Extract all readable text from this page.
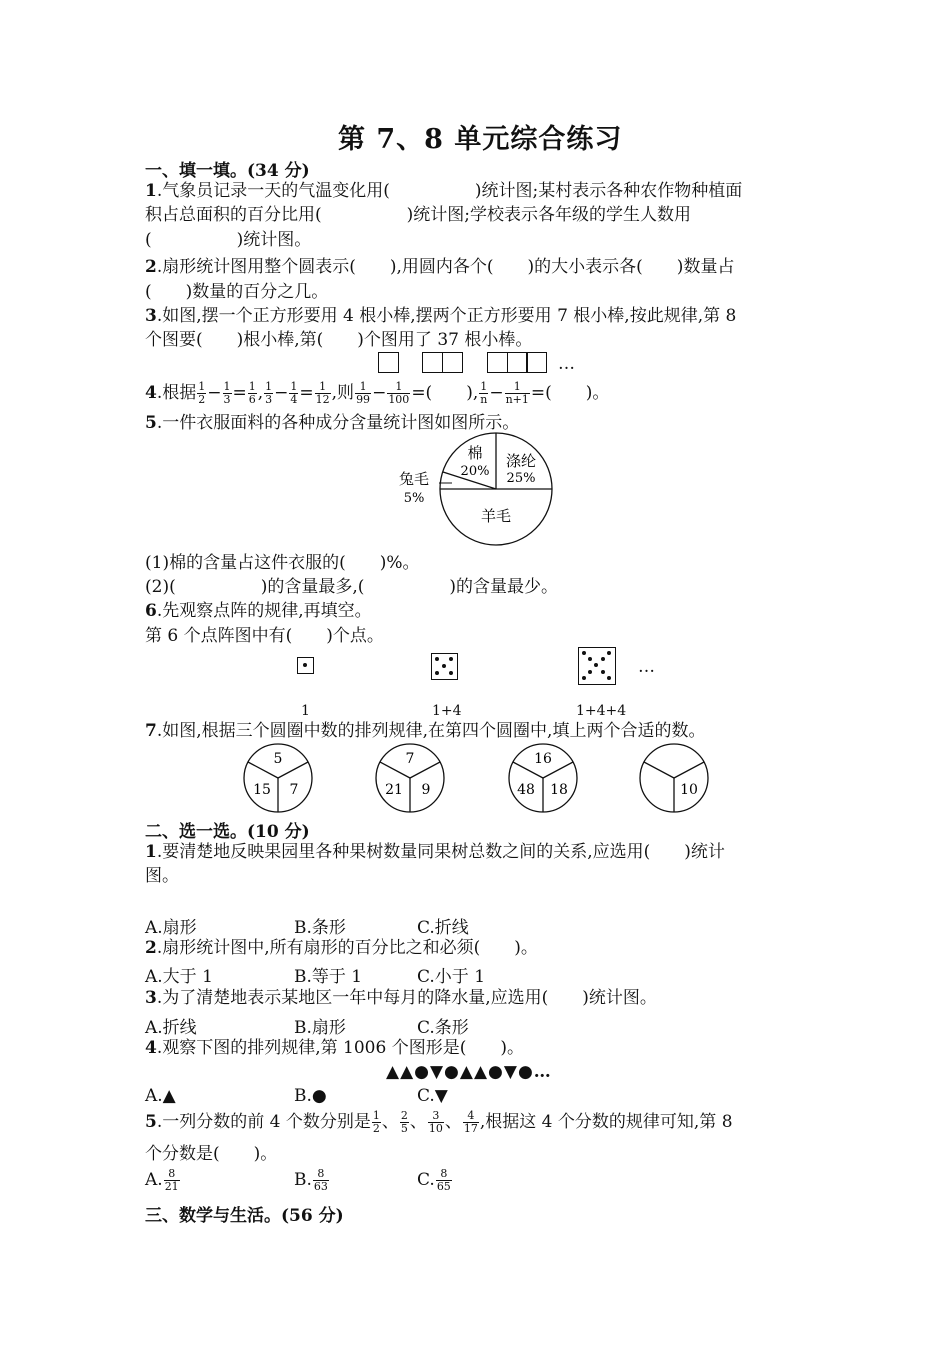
第 7、8 单元综合练习
一、填一填。(34 分)
1.气象员记录一天的气温变化用(　　　　　)统计图;某村表示各种农作物种植面
积占总面积的百分比用(　　　　　)统计图;学校表示各年级的学生人数用
(　　　　　)统计图。
2.扇形统计图用整个圆表示(　　),用圆内各个(　　)的大小表示各(　　)数量占
(　　)数量的百分之几。
3.如图,摆一个正方形要用 4 根小棒,摆两个正方形要用 7 根小棒,按此规律,第 8
个图要(　　)根小棒,第(　　)个图用了 37 根小棒。
…
4.根据 $\frac{1}{2} - \frac{1}{3} = \frac{1}{6}$ , $\frac{1}{3} - \frac{1}{4} = \frac{1}{12}$ ,则 $\frac{1}{99} - \frac{1}{100}$ =(　　), $\frac{1}{n} - \frac{1}{n+1}$ =(　　)。
5.一件衣服面料的各种成分含量统计图如图所示。
棉
20%
涤纶
25%
羊毛
兔毛
5%
(1)棉的含量占这件衣服的(　　)%。
(2)(　　　　　)的含量最多,(　　　　　)的含量最少。
6.先观察点阵的规律,再填空。
第 6 个点阵图中有(　　)个点。
…
1	1+4	1+4+4
7.如图,根据三个圆圈中数的排列规律,在第四个圆圈中,填上两个合适的数。
5
15 7
7
21 9
16
48 18	10
二、选一选。(10 分)
1.要清楚地反映果园里各种果树数量同果树总数之间的关系,应选用(　　)统计
图。
A.扇形	B.条形	C.折线
2.扇形统计图中,所有扇形的百分比之和必须(　　)。
A.大于 1	B.等于 1	C.小于 1
3.为了清楚地表示某地区一年中每月的降水量,应选用(　　)统计图。
A.折线	B.扇形	C.条形
4.观察下图的排列规律,第 1006 个图形是(　　)。
▲▲●▼●▲▲●▼●…
A.▲	B.●	C.▼
5.一列分数的前 4 个数分别是 $\frac{1}{2}$ 、 $\frac{2}{5}$ 、 $\frac{3}{10}$ 、 $\frac{4}{17}$ ,根据这 4 个分数的规律可知,第 8
个分数是(　　)。
A. $\frac{8}{21}$	B. $\frac{8}{63}$	C. $\frac{8}{65}$
三、数学与生活。(56 分)
